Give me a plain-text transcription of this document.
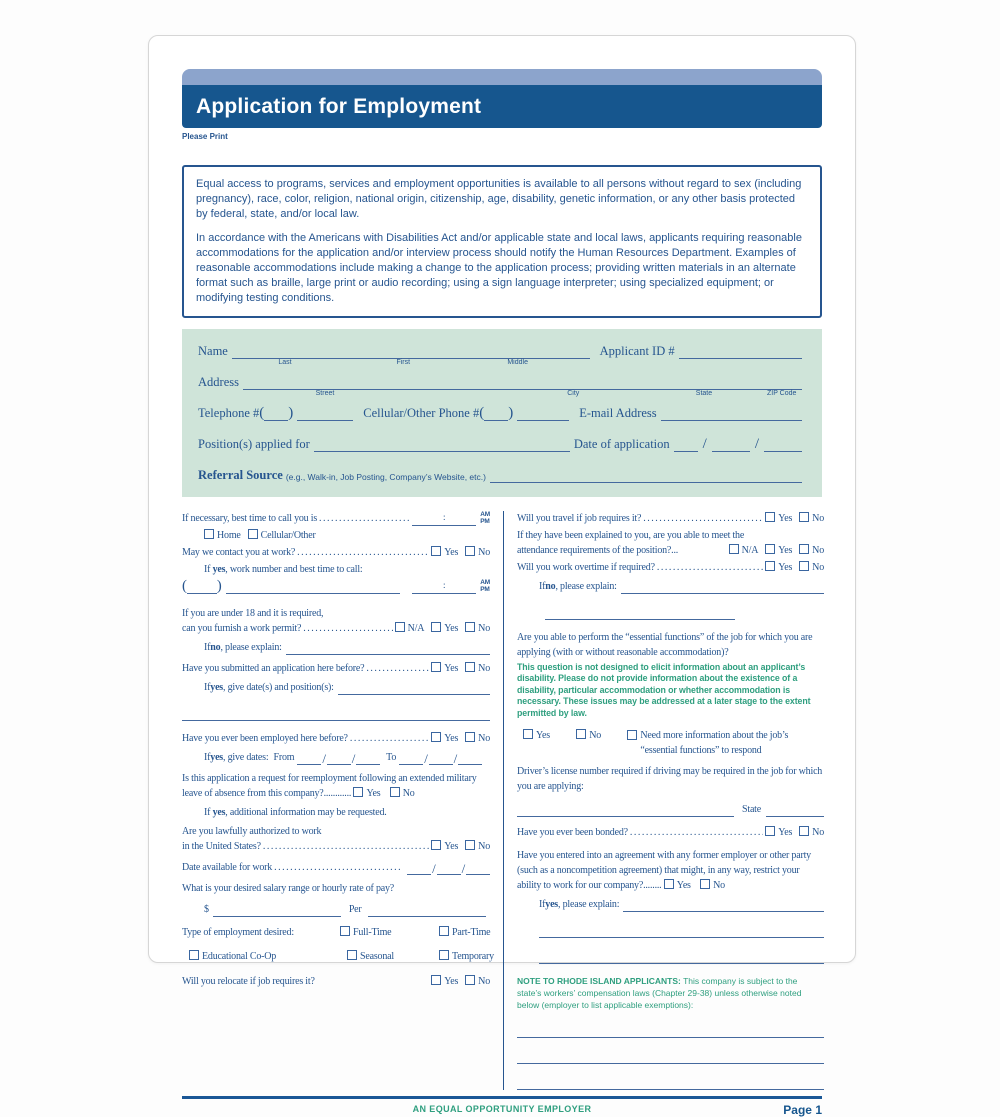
Application for Employment
Please Print

Equal access to programs, services and employment opportunities is available to all persons without regard to sex (including pregnancy), race, color, religion, national origin, citizenship, age, disability, genetic information, or any other basis protected by federal, state, and/or local law.

In accordance with the Americans with Disabilities Act and/or applicable state and local laws, applicants requiring reasonable accommodations for the application and/or interview process should notify the Human Resources Department. Examples of reasonable accommodations include making a change to the application process; providing written materials in an alternate format such as braille, large print or audio recording; using a sign language interpreter; using specialized equipment; or modifying testing conditions.

Name
Last	First	Middle
Applicant ID #
Address
Street	City	State	ZIP Code
Telephone # ( )	Cellular/Other Phone # ( )	E-mail Address
Position(s) applied for	Date of application /	/
Referral Source (e.g., Walk-in, Job Posting, Company’s Website, etc.)
If necessary, best time to call you is .....	:	AM
PM
Home	Cellular/Other
May we contact you at work? .....	Yes	No

If yes, work number and best time to call:

( )	:	AM
PM

If you are under 18 and it is required,

can you furnish a work permit? .....	N/A	Yes	No
If no , please explain:
Have you submitted an application here before? .....	Yes	No
If yes , give date(s) and position(s):
Have you ever been employed here before? .....	Yes	No
If yes , give dates: From / /	To / /

Is this application a request for reemployment following an extended military leave of absence from this company?............ Yes No

If yes, additional information may be requested.

Are you lawfully authorized to work

in the United States? .....	Yes	No
Date available for work .....	/ /

What is your desired salary range or hourly rate of pay?

$	Per
Type of employment desired:	Full-Time	Part-Time
Educational Co-Op	Seasonal	Temporary
Will you relocate if job requires it?	Yes	No
Will you travel if job requires it? .....	Yes	No

If they have been explained to you, are you able to meet the

attendance requirements of the position? ...	N/A	Yes	No
Will you work overtime if required? .....	Yes	No
If no , please explain:

Are you able to perform the “essential functions” of the job for which you are applying (with or without reasonable accommodation)?

This question is not designed to elicit information about an applicant’s disability. Please do not provide information about the existence of a disability, particular accommodation or whether accommodation is necessary. These issues may be addressed at a later stage to the extent permitted by law.

Yes	No	Need more information about the job’s “essential functions” to respond

Driver’s license number required if driving may be required in the job for which you are applying:

State
Have you ever been bonded? .....	Yes	No

Have you entered into an agreement with any former employer or other party (such as a noncompetition agreement) that might, in any way, restrict your ability to work for our company?........ Yes No

If yes , please explain:
NOTE TO RHODE ISLAND APPLICANTS: This company is subject to the state’s workers’ compensation laws (Chapter 29-38) unless otherwise noted below (employer to list applicable exemptions):
AN EQUAL OPPORTUNITY EMPLOYER	Page 1
